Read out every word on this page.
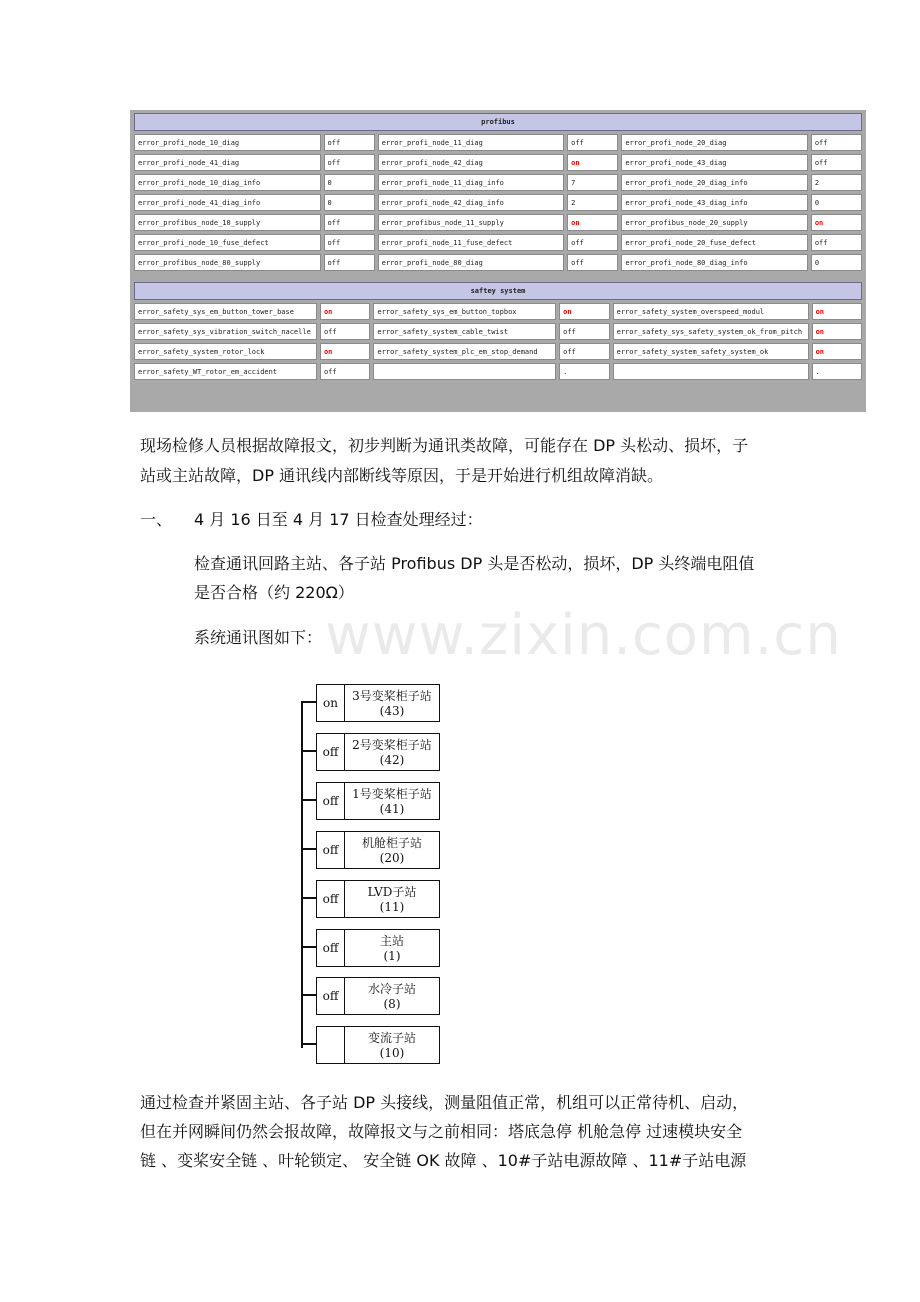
profibus					
error_profi_node_10_diag	off	error_profi_node_11_diag	off	error_profi_node_20_diag	off
error_profi_node_41_diag	off	error_profi_node_42_diag	on	error_profi_node_43_diag	off
error_profi_node_10_diag_info	0	error_profi_node_11_diag_info	7	error_profi_node_20_diag_info	2
error_profi_node_41_diag_info	0	error_profi_node_42_diag_info	2	error_profi_node_43_diag_info	0
error_profibus_node_10_supply	off	error_profibus_node_11_supply	on	error_profibus_node_20_supply	on
error_profi_node_10_fuse_defect	off	error_profi_node_11_fuse_defect	off	error_profi_node_20_fuse_defect	off
error_profibus_node_80_supply	off	error_profi_node_80_diag	off	error_profi_node_80_diag_info	0
saftey system					
error_safety_sys_em_button_tower_base	on	error_safety_sys_em_button_topbox	on	error_safety_system_overspeed_modul	on
error_safety_sys_vibration_switch_nacelle	off	error_safety_system_cable_twist	off	error_safety_sys_safety_system_ok_from_pitch	on
error_safety_system_rotor_lock	on	error_safety_system_plc_em_stop_demand	off	error_safety_system_safety_system_ok	on
error_safety_WT_rotor_em_accident	off		.		.

现场检修人员根据故障报文，初步判断为通讯类故障，可能存在 DP 头松动、损坏，子

站或主站故障，DP 通讯线内部断线等原因，于是开始进行机组故障消缺。

一、 4 月 16 日至 4 月 17 日检查处理经过：

检查通讯回路主站、各子站 Profibus DP 头是否松动，损坏，DP 头终端电阻值

是否合格（约 220Ω）

www.zixin.com.cn

系统通讯图如下：

on	3号变桨柜子站
(43)
off	2号变桨柜子站
(42)
off	1号变桨柜子站
(41)
off	机舱柜子站
(20)
off	LVD子站
(11)
off	主站
(1)
off	水冷子站
(8)
变流子站
(10)

通过检查并紧固主站、各子站 DP 头接线，测量阻值正常，机组可以正常待机、启动，

但在并网瞬间仍然会报故障，故障报文与之前相同：塔底急停 机舱急停 过速模块安全

链 、变桨安全链 、叶轮锁定、 安全链 OK 故障 、10#子站电源故障 、11#子站电源
